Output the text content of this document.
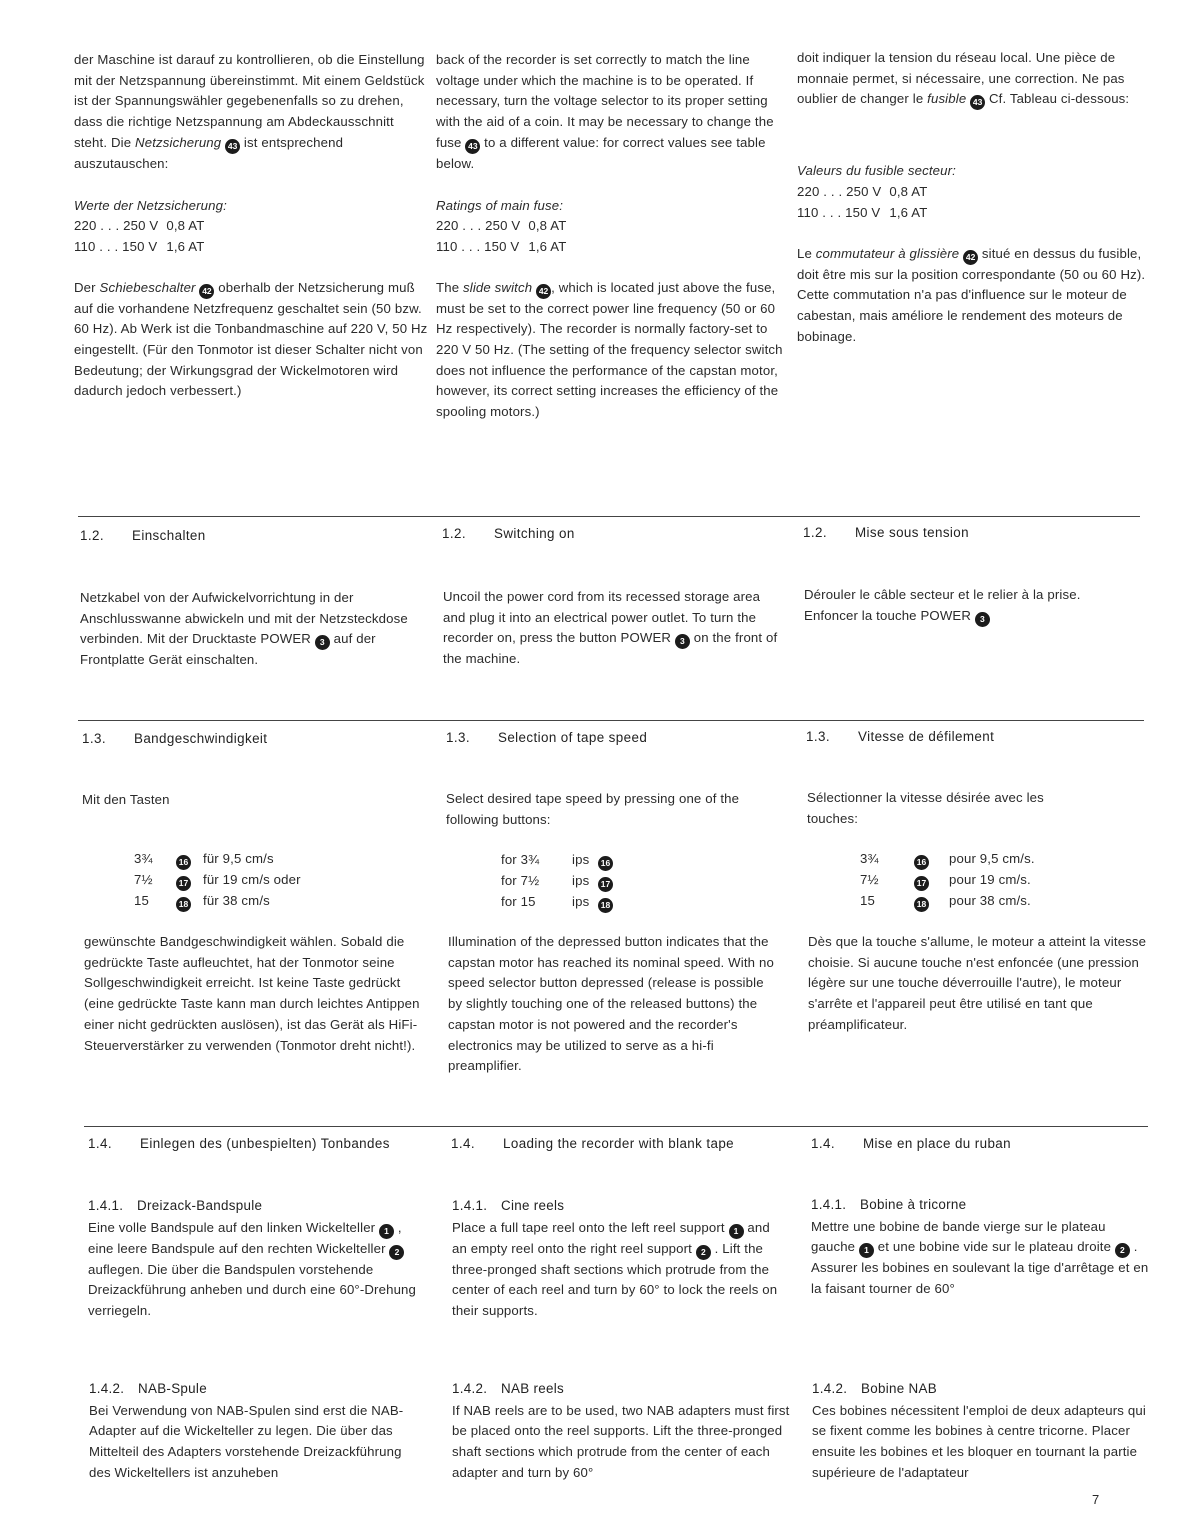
der Maschine ist darauf zu kontrollieren, ob die Einstellung mit der Netzspannung übereinstimmt. Mit einem Geldstück ist der Spannungswähler gegebenenfalls so zu drehen, dass die richtige Netzspannung am Abdeckausschnitt steht. Die Netzsicherung 43 ist entsprechend auszutauschen:

Werte der Netzsicherung:

220 . . . 250 V	0,8 AT
110 . . . 150 V	1,6 AT

Der Schiebeschalter 42 oberhalb der Netzsicherung muß auf die vorhandene Netzfrequenz geschaltet sein (50 bzw. 60 Hz). Ab Werk ist die Tonbandmaschine auf 220 V, 50 Hz eingestellt. (Für den Tonmotor ist dieser Schalter nicht von Bedeutung; der Wirkungsgrad der Wickelmotoren wird dadurch jedoch verbessert.)

back of the recorder is set correctly to match the line voltage under which the machine is to be operated. If necessary, turn the voltage selector to its proper setting with the aid of a coin. It may be necessary to change the fuse 43 to a different value: for correct values see table below.

Ratings of main fuse:

220 . . . 250 V	0,8 AT
110 . . . 150 V	1,6 AT

The slide switch 42 , which is located just above the fuse, must be set to the correct power line frequency (50 or 60 Hz respectively). The recorder is normally factory-set to 220 V 50 Hz. (The setting of the frequency selector switch does not influence the performance of the capstan motor, however, its correct setting increases the efficiency of the spooling motors.)

doit indiquer la tension du réseau local. Une pièce de monnaie permet, si nécessaire, une correction. Ne pas oublier de changer le fusible 43 Cf. Tableau ci-dessous:

Valeurs du fusible secteur:

220 . . . 250 V	0,8 AT
110 . . . 150 V	1,6 AT

Le commutateur à glissière 42 situé en dessus du fusible, doit être mis sur la position correspondante (50 ou 60 Hz). Cette commutation n'a pas d'influence sur le moteur de cabestan, mais améliore le rendement des moteurs de bobinage.

1.2. Einschalten	1.2. Switching on	1.2. Mise sous tension
Netzkabel von der Aufwickelvorrichtung in der Anschlusswanne abwickeln und mit der Netzsteckdose verbinden. Mit der Drucktaste POWER 3 auf der Frontplatte Gerät einschalten.
Uncoil the power cord from its recessed storage area and plug it into an electrical power outlet. To turn the recorder on, press the button POWER 3 on the front of the machine.
Dérouler le câble secteur et le relier à la prise. Enfoncer la touche POWER 3
1.3. Bandgeschwindigkeit	1.3. Selection of tape speed	1.3. Vitesse de défilement
Mit den Tasten	Select desired tape speed by pressing one of the following buttons:
Sélectionner la vitesse désirée avec les touches:
3¾	16 für 9,5 cm/s
7½	17 für 19 cm/s oder
15	18 für 38 cm/s
for 3¾ ips 16
for 7½ ips 17
for 15	ips 18
3¾	16 pour 9,5 cm/s.
7½	17 pour 19 cm/s.
15	18 pour 38 cm/s.
gewünschte Bandgeschwindigkeit wählen. Sobald die gedrückte Taste aufleuchtet, hat der Tonmotor seine Sollgeschwindigkeit erreicht. Ist keine Taste gedrückt (eine gedrückte Taste kann man durch leichtes Antippen einer nicht gedrückten auslösen), ist das Gerät als HiFi-Steuerverstärker zu verwenden (Tonmotor dreht nicht!).
Illumination of the depressed button indicates that the capstan motor has reached its nominal speed. With no speed selector button depressed (release is possible by slightly touching one of the released buttons) the capstan motor is not powered and the recorder's electronics may be utilized to serve as a hi-fi preamplifier.
Dès que la touche s'allume, le moteur a atteint la vitesse choisie. Si aucune touche n'est enfoncée (une pression légère sur une touche déverrouille l'autre), le moteur s'arrête et l'appareil peut être utilisé en tant que préamplificateur.
1.4. Einlegen des (unbespielten) Tonbandes	1.4. Loading the recorder with blank tape	1.4. Mise en place du ruban
1.4.1. Dreizack-Bandspule
Eine volle Bandspule auf den linken Wickelteller 1 , eine leere Bandspule auf den rechten Wickelteller 2 auflegen. Die über die Bandspulen vorstehende Dreizackführung anheben und durch eine 60°-Drehung verriegeln.
1.4.1. Cine reels
Place a full tape reel onto the left reel support 1 and an empty reel onto the right reel support 2 . Lift the three-pronged shaft sections which protrude from the center of each reel and turn by 60° to lock the reels on their supports.
1.4.1. Bobine à tricorne
Mettre une bobine de bande vierge sur le plateau gauche 1 et une bobine vide sur le plateau droite 2 . Assurer les bobines en soulevant la tige d'arrêtage et en la faisant tourner de 60°
1.4.2. NAB-Spule
Bei Verwendung von NAB-Spulen sind erst die NAB-Adapter auf die Wickelteller zu legen. Die über das Mittelteil des Adapters vorstehende Dreizackführung des Wickeltellers ist anzuheben
1.4.2. NAB reels
If NAB reels are to be used, two NAB adapters must first be placed onto the reel supports. Lift the three-pronged shaft sections which protrude from the center of each adapter and turn by 60°
1.4.2. Bobine NAB
Ces bobines nécessitent l'emploi de deux adapteurs qui se fixent comme les bobines à centre tricorne. Placer ensuite les bobines et les bloquer en tournant la partie supérieure de l'adaptateur
7
